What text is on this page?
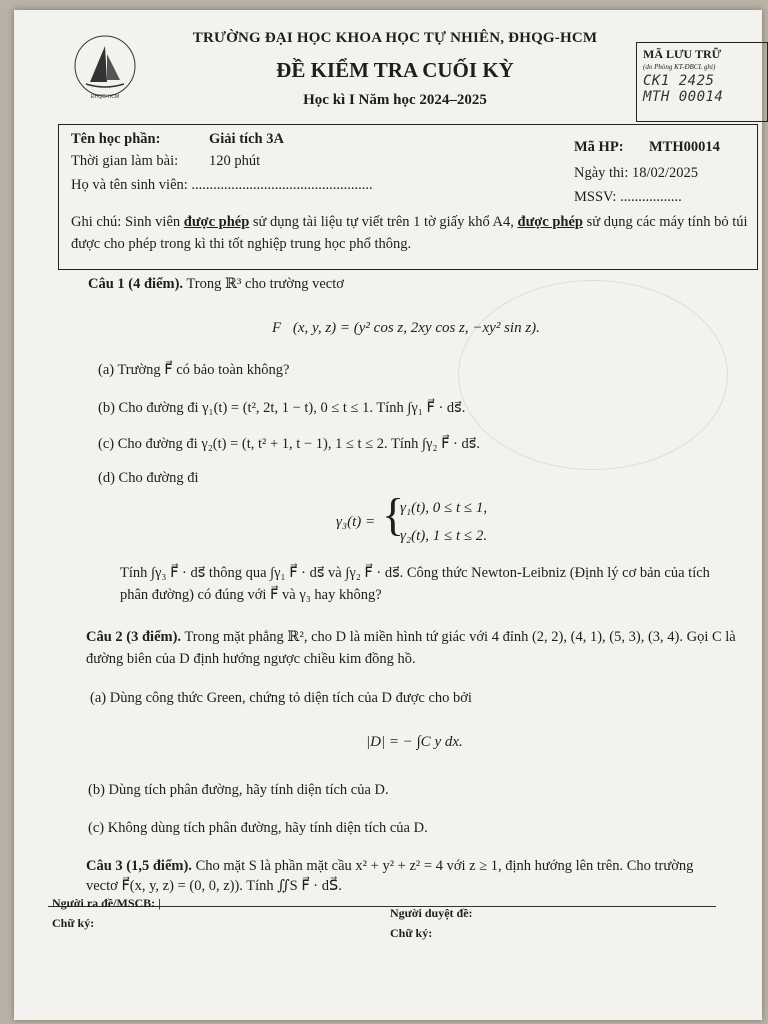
ĐHQG-HCM
TRƯỜNG ĐẠI HỌC KHOA HỌC TỰ NHIÊN, ĐHQG-HCM
ĐỀ KIỂM TRA CUỐI KỲ
Học kì I Năm học 2024–2025
MÃ LƯU TRỮ
(do Phòng KT-ĐBCL ghi)
CK1 2425
MTH 00014
Tên học phần:	Giải tích 3A	Mã HP: MTH00014
Thời gian làm bài: 120 phút
Ngày thi: 18/02/2025
Họ và tên sinh viên: ..................................................
MSSV: .................
Ghi chú: Sinh viên được phép sử dụng tài liệu tự viết trên 1 tờ giấy khổ A4, được phép sử dụng các máy tính bỏ túi được cho phép trong kì thi tốt nghiệp trung học phổ thông.
Câu 1 (4 điểm). Trong ℝ³ cho trường vectơ
F⃗(x, y, z) = (y² cos z, 2xy cos z, −xy² sin z).
(a) Trường F⃗ có bảo toàn không?
(b) Cho đường đi γ₁(t) = (t², 2t, 1 − t), 0 ≤ t ≤ 1. Tính ∫γ₁ F⃗ · ds⃗.
(c) Cho đường đi γ₂(t) = (t, t² + 1, t − 1), 1 ≤ t ≤ 2. Tính ∫γ₂ F⃗ · ds⃗.
(d) Cho đường đi
γ₃(t) = {
γ₁(t), 0 ≤ t ≤ 1,
γ₂(t), 1 ≤ t ≤ 2.
Tính ∫γ₃ F⃗ · ds⃗ thông qua ∫γ₁ F⃗ · ds⃗ và ∫γ₂ F⃗ · ds⃗. Công thức Newton-Leibniz (Định lý cơ bản của tích phân đường) có đúng với F⃗ và γ₃ hay không?
Câu 2 (3 điểm). Trong mặt phẳng ℝ², cho D là miền hình tứ giác với 4 đỉnh (2, 2), (4, 1), (5, 3), (3, 4). Gọi C là đường biên của D định hướng ngược chiều kim đồng hồ.
(a) Dùng công thức Green, chứng tỏ diện tích của D được cho bởi
|D| = − ∫C y dx.
(b) Dùng tích phân đường, hãy tính diện tích của D.
(c) Không dùng tích phân đường, hãy tính diện tích của D.
Câu 3 (1,5 điểm). Cho mặt S là phần mặt cầu x² + y² + z² = 4 với z ≥ 1, định hướng lên trên. Cho trường vectơ F⃗(x, y, z) = (0, 0, z)). Tính ∬S F⃗ · dS⃗.
Người ra đề/MSCB: |
Chữ ký:
Người duyệt đề:
Chữ ký:
